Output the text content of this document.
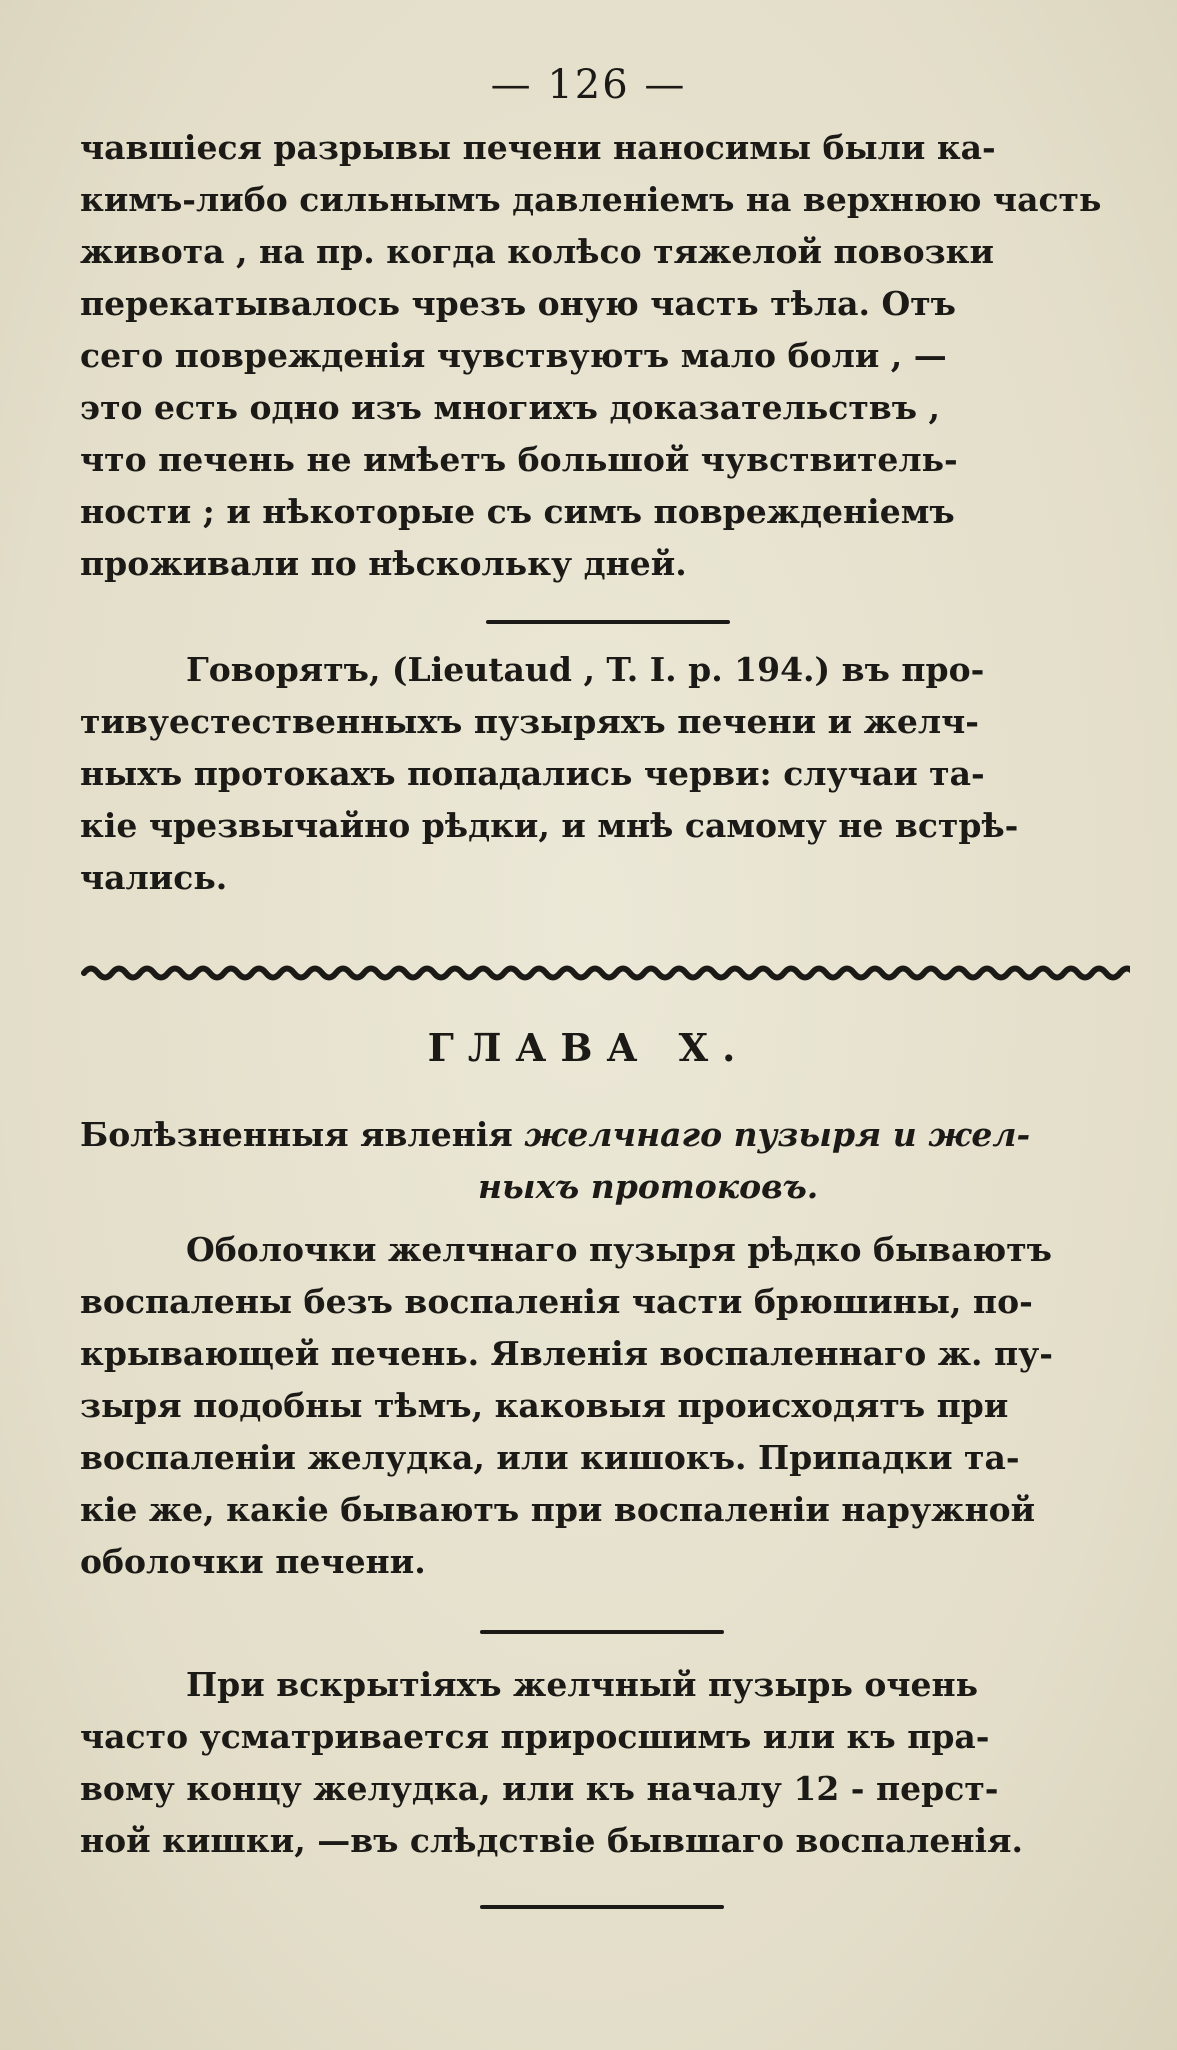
— 126 —
чавшіеся разрывы печени наносимы были ка-
кимъ-либо сильнымъ давленіемъ на верхнюю часть
живота , на пр. когда колѣсо тяжелой повозки
перекатывалось чрезъ оную часть тѣла. Отъ
сего поврежденія чувствуютъ мало боли , —
это есть одно изъ многихъ доказательствъ ,
что печень не имѣетъ большой чувствитель-
ности ; и нѣкоторые съ симъ поврежденіемъ
проживали по нѣскольку дней.
Говорятъ, (Lieutaud , T. I. p. 194.) въ про-
тивуестественныхъ пузыряхъ печени и желч-
ныхъ протокахъ попадались черви: случаи та-
кіе чрезвычайно рѣдки, и мнѣ самому не встрѣ-
чались.
ГЛАВА X.
Болѣзненныя явленія желчнаго пузыря и жел-
ныхъ протоковъ.
Оболочки желчнаго пузыря рѣдко бываютъ
воспалены безъ воспаленія части брюшины, по-
крывающей печень. Явленія воспаленнаго ж. пу-
зыря подобны тѣмъ, каковыя происходятъ при
воспаленіи желудка, или кишокъ. Припадки та-
кіе же, какіе бываютъ при воспаленіи наружной
оболочки печени.
При вскрытіяхъ желчный пузырь очень
часто усматривается приросшимъ или къ пра-
вому концу желудка, или къ началу 12 - перст-
ной кишки, —въ слѣдствіе бывшаго воспаленія.
